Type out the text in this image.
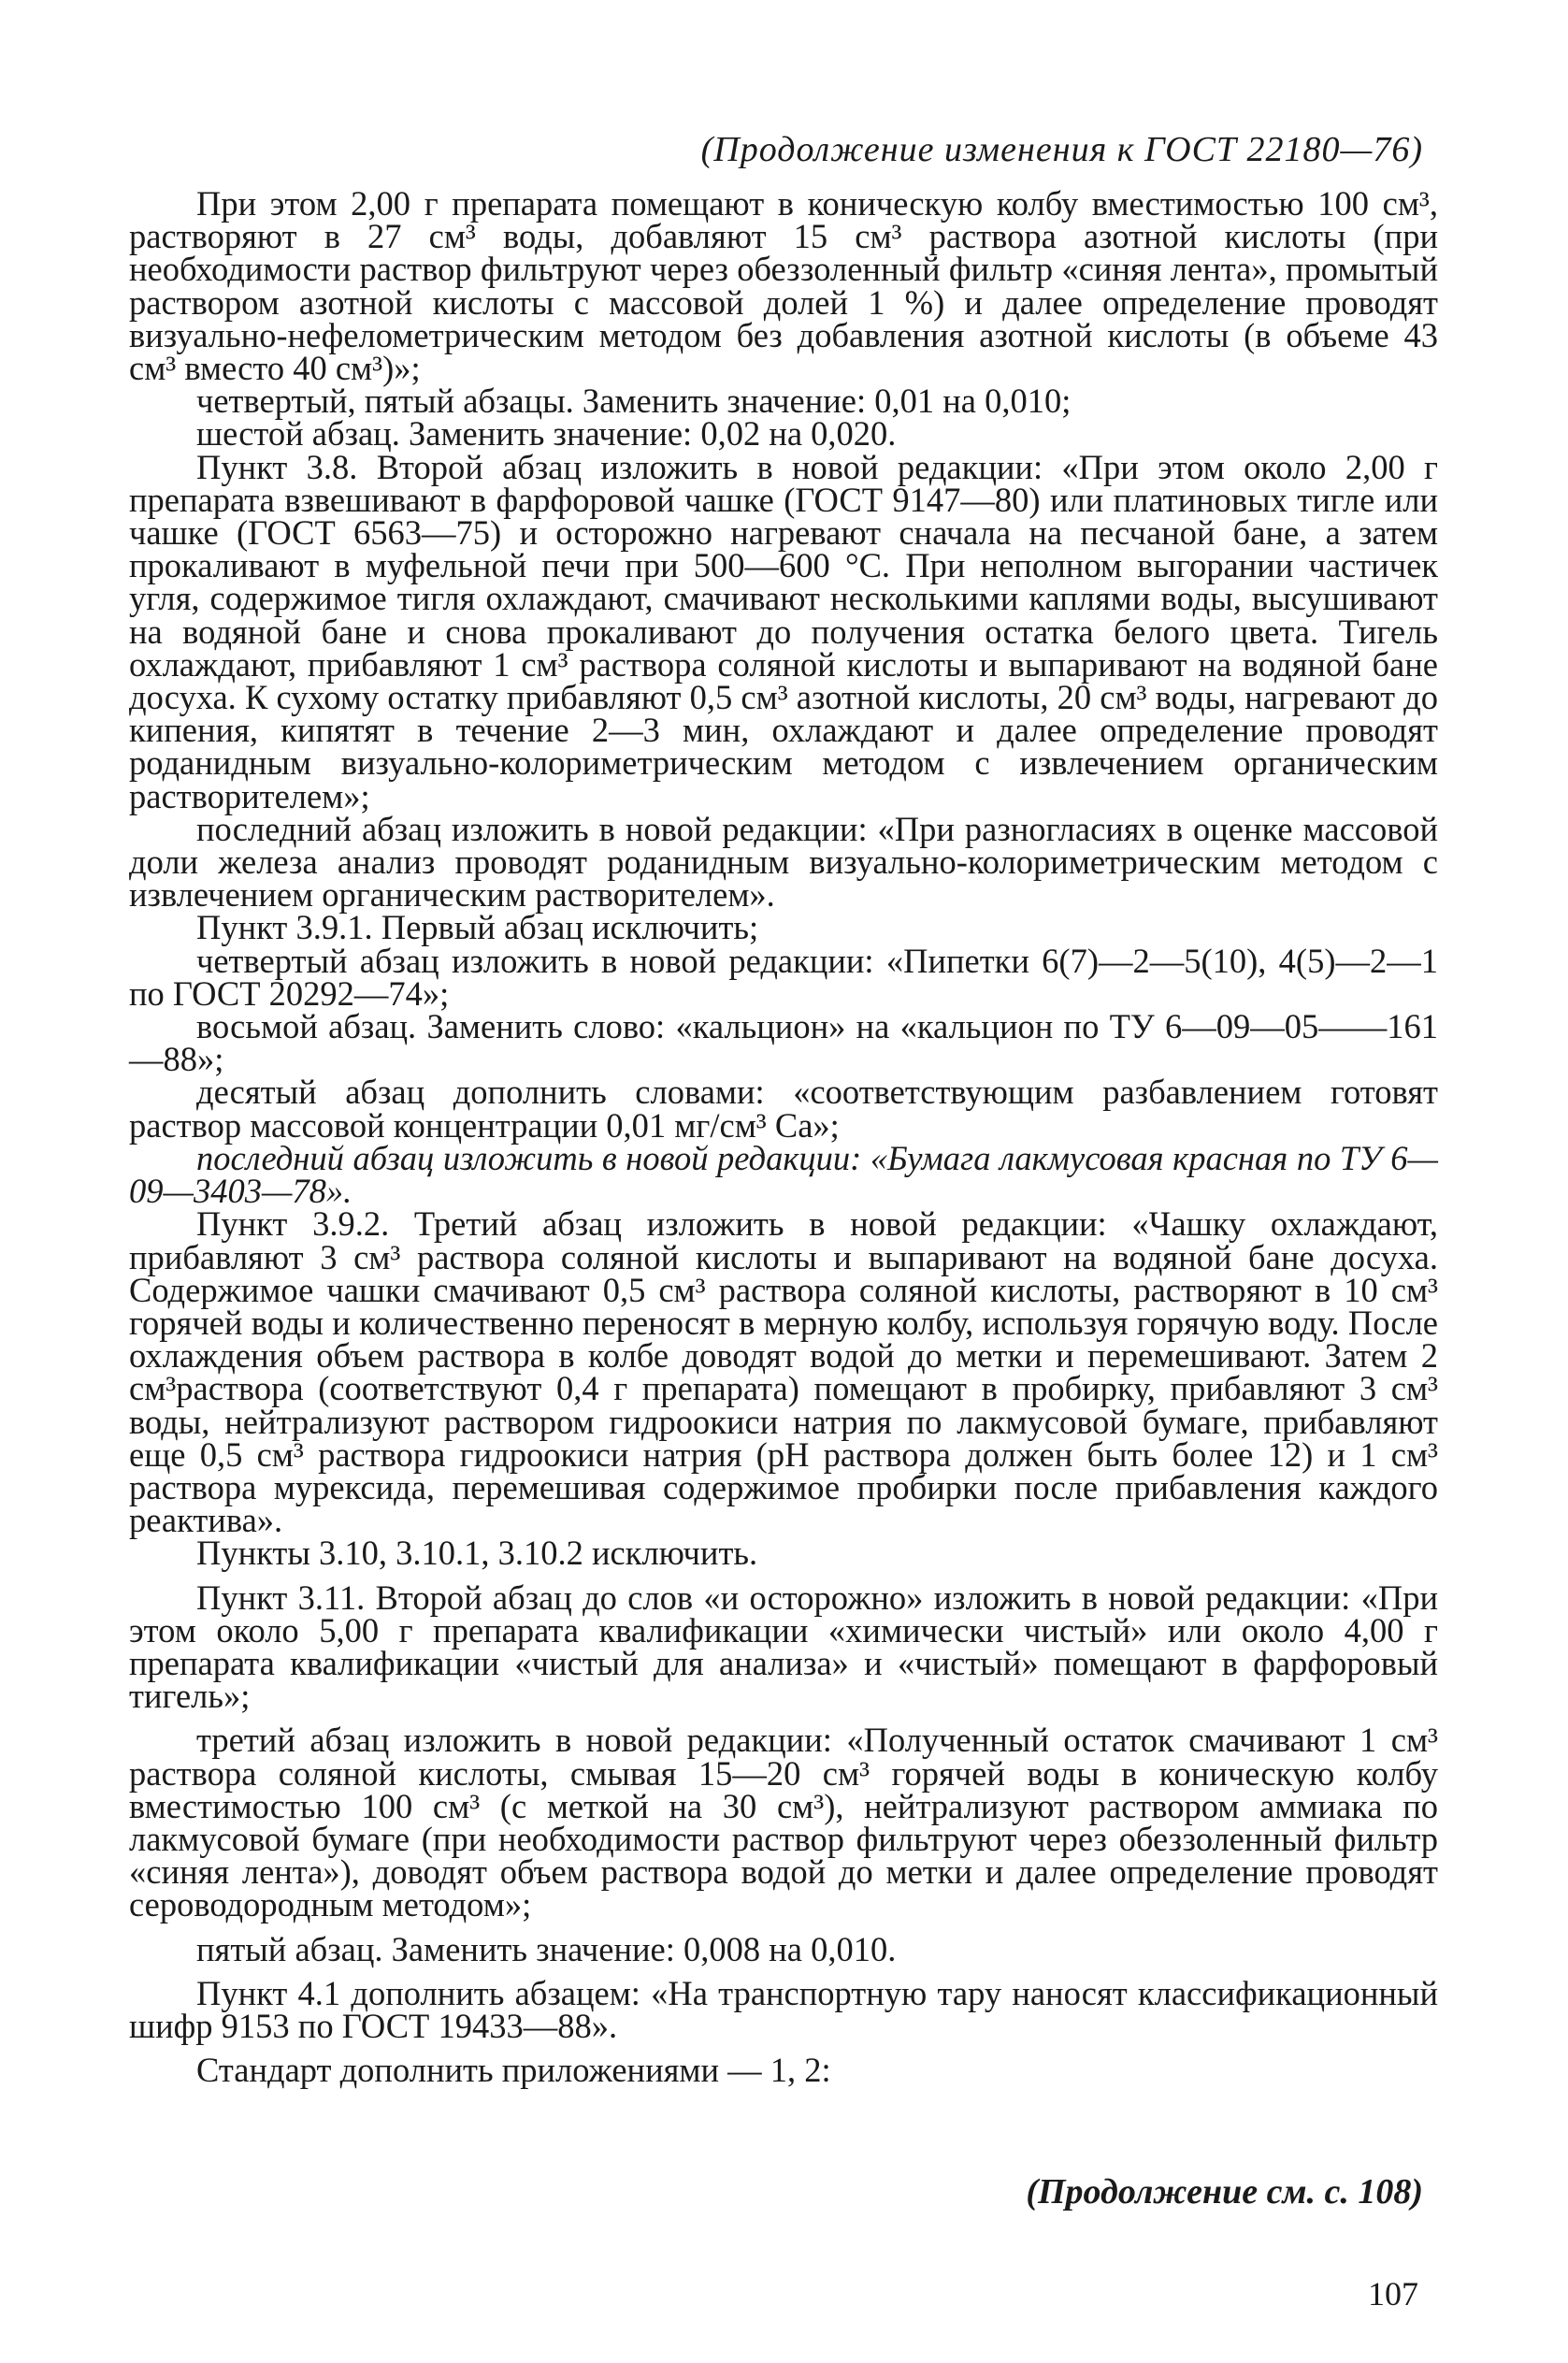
(Продолжение изменения к ГОСТ 22180—76)

При этом 2,00 г препарата помещают в коническую колбу вместимостью 100 см³, растворяют в 27 см³ воды, добавляют 15 см³ раствора азотной кислоты (при необходимости раствор фильтруют через обеззоленный фильтр «синяя лента», промытый раствором азотной кислоты с массовой долей 1 %) и далее определение проводят визуально-нефелометрическим методом без добавления азотной кислоты (в объеме 43 см³ вместо 40 см³)»;

четвертый, пятый абзацы. Заменить значение: 0,01 на 0,010;

шестой абзац. Заменить значение: 0,02 на 0,020.

Пункт 3.8. Второй абзац изложить в новой редакции: «При этом около 2,00 г препарата взвешивают в фарфоровой чашке (ГОСТ 9147—80) или платиновых тигле или чашке (ГОСТ 6563—75) и осторожно нагревают сначала на песчаной бане, а затем прокаливают в муфельной печи при 500—600 °С. При неполном выгорании частичек угля, содержимое тигля охлаждают, смачивают несколькими каплями воды, высушивают на водяной бане и снова прокаливают до получения остатка белого цвета. Тигель охлаждают, прибавляют 1 см³ раствора соляной кислоты и выпаривают на водяной бане досуха. К сухому остатку прибавляют 0,5 см³ азотной кислоты, 20 см³ воды, нагревают до кипения, кипятят в течение 2—3 мин, охлаждают и далее определение проводят роданидным визуально-колориметрическим методом с извлечением органическим растворителем»;

последний абзац изложить в новой редакции: «При разногласиях в оценке массовой доли железа анализ проводят роданидным визуально-колориметрическим методом с извлечением органическим растворителем».

Пункт 3.9.1. Первый абзац исключить;

четвертый абзац изложить в новой редакции: «Пипетки 6(7)—2—5(10), 4(5)—2—1 по ГОСТ 20292—74»;

восьмой абзац. Заменить слово: «кальцион» на «кальцион по ТУ 6—09—05——161—88»;

десятый абзац дополнить словами: «соответствующим разбавлением готовят раствор массовой концентрации 0,01 мг/см³ Са»;

последний абзац изложить в новой редакции: «Бумага лакмусовая красная по ТУ 6—09—3403—78».

Пункт 3.9.2. Третий абзац изложить в новой редакции: «Чашку охлаждают, прибавляют 3 см³ раствора соляной кислоты и выпаривают на водяной бане досуха. Содержимое чашки смачивают 0,5 см³ раствора соляной кислоты, растворяют в 10 см³ горячей воды и количественно переносят в мерную колбу, используя горячую воду. После охлаждения объем раствора в колбе доводят водой до метки и перемешивают. Затем 2 см³раствора (соответствуют 0,4 г препарата) помещают в пробирку, прибавляют 3 см³ воды, нейтрализуют раствором гидроокиси натрия по лакмусовой бумаге, прибавляют еще 0,5 см³ раствора гидроокиси натрия (рН раствора должен быть более 12) и 1 см³ раствора мурексида, перемешивая содержимое пробирки после прибавления каждого реактива».

Пункты 3.10, 3.10.1, 3.10.2 исключить.

Пункт 3.11. Второй абзац до слов «и осторожно» изложить в новой редакции: «При этом около 5,00 г препарата квалификации «химически чистый» или около 4,00 г препарата квалификации «чистый для анализа» и «чистый» помещают в фарфоровый тигель»;

третий абзац изложить в новой редакции: «Полученный остаток смачивают 1 см³ раствора соляной кислоты, смывая 15—20 см³ горячей воды в коническую колбу вместимостью 100 см³ (с меткой на 30 см³), нейтрализуют раствором аммиака по лакмусовой бумаге (при необходимости раствор фильтруют через обеззоленный фильтр «синяя лента»), доводят объем раствора водой до метки и далее определение проводят сероводородным методом»;

пятый абзац. Заменить значение: 0,008 на 0,010.

Пункт 4.1 дополнить абзацем: «На транспортную тару наносят классификационный шифр 9153 по ГОСТ 19433—88».

Стандарт дополнить приложениями — 1, 2:

(Продолжение см. с. 108)
107
